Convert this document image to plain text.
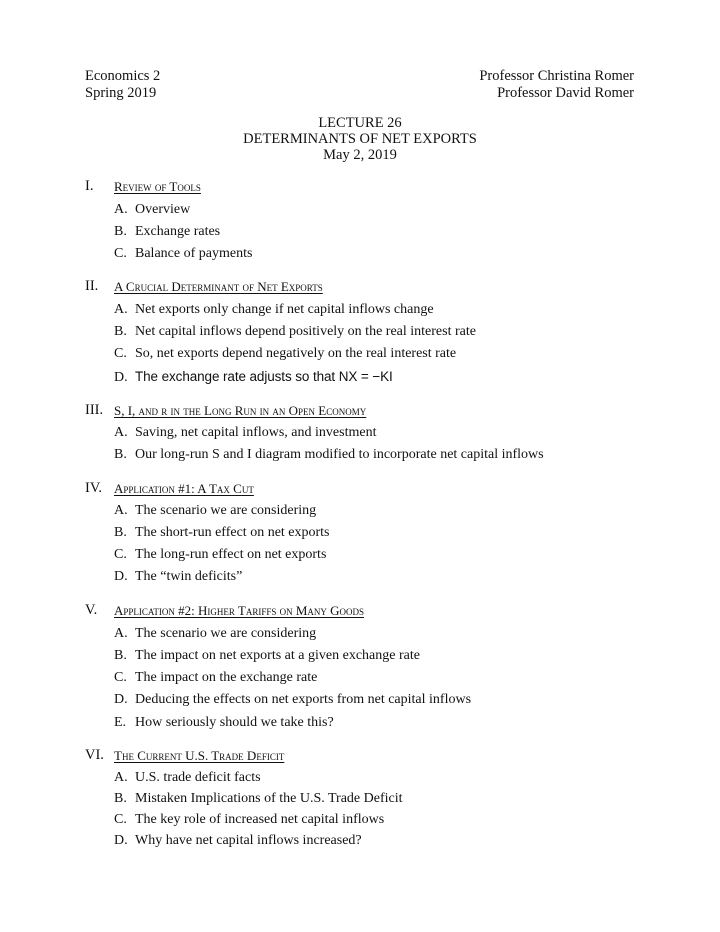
Economics 2
Spring 2019
Professor Christina Romer
Professor David Romer
LECTURE 26
DETERMINANTS OF NET EXPORTS
May 2, 2019
I. Review of Tools
A. Overview
B. Exchange rates
C. Balance of payments
II. A Crucial Determinant of Net Exports
A. Net exports only change if net capital inflows change
B. Net capital inflows depend positively on the real interest rate
C. So, net exports depend negatively on the real interest rate
D. The exchange rate adjusts so that NX = −KI
III. S, I, and r in the Long Run in an Open Economy
A. Saving, net capital inflows, and investment
B. Our long-run S and I diagram modified to incorporate net capital inflows
IV. Application #1: A Tax Cut
A. The scenario we are considering
B. The short-run effect on net exports
C. The long-run effect on net exports
D. The “twin deficits”
V. Application #2: Higher Tariffs on Many Goods
A. The scenario we are considering
B. The impact on net exports at a given exchange rate
C. The impact on the exchange rate
D. Deducing the effects on net exports from net capital inflows
E. How seriously should we take this?
VI. The Current U.S. Trade Deficit
A. U.S. trade deficit facts
B. Mistaken Implications of the U.S. Trade Deficit
C. The key role of increased net capital inflows
D. Why have net capital inflows increased?
